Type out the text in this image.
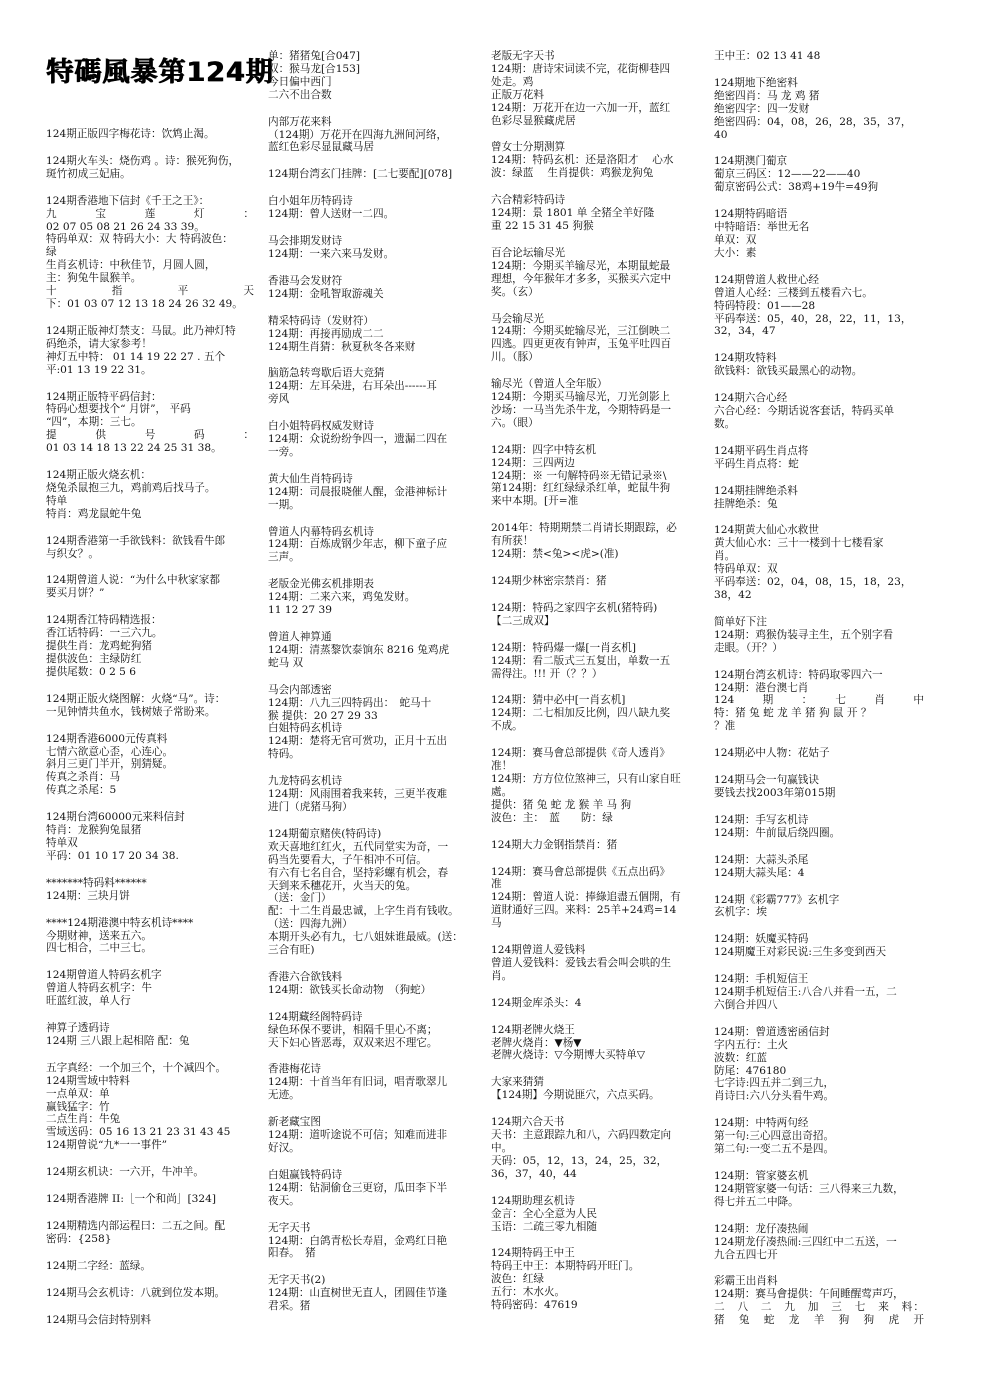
特碼風暴第124期
124期正版四字梅花诗：饮鸩止渴。
124期火车头：烧伤鸡 。诗：猴死狗伤，
斑竹初成三妃庙。
124期香港地下信封《千王之王》：
九　宝　莲　灯　：
02 07 05 08 21 26 24 33 39。
特码单双：双 特码大小：大 特码波色：
绿
生肖玄机诗：中秋佳节，月圆人圆，
主：狗兔牛鼠猴羊。
十　指　平　天
下：01 03 07 12 13 18 24 26 32 49。
124期正版神灯禁支：马鼠。此乃神灯特
码绝杀，请大家参考！
神灯五中特： 01 14 19 22 27 . 五个
平:01 13 19 22 31。
124期正版特平码信封：
特码心想要找个“ 月饼”， 平码
“四”，本期：三七。
提　供　号　码　：
01 03 14 18 13 22 24 25 31 38。
124期正版火烧玄机：
烧兔杀鼠抱三九，鸡前鸡后找马子。
特单
特肖：鸡龙鼠蛇牛兔
124期香港第一手欲钱料：欲钱看牛郎
与织女？。
124期曾道人说：“为什么中秋家家都
要买月饼？”
124期香江特码精选报：
香江话特码：一三六九。
提供生肖：龙鸡蛇狗猪
提供波色：主绿防红
提供尾数：0 2 5 6
124期正版火烧图解：火烧“马”。诗：
一见钟情共鱼水，钱树婊子常盼来。
124期香港6000元传真料
七情六欲意心歪，心连心。
斜月三更门半开，别猜疑。
传真之杀肖：马
传真之杀尾：5
124期台湾60000元来料信封
特肖：龙猴狗兔鼠猪
特单双
平码：01 10 17 20 34 38.
*******特码料******
124期：三块月饼
****124期港澳中特玄机诗****
今期财神，送来五六。
四七相合，二中三七。
124期曾道人特码玄机字
曾道人特码玄机字：牛
旺蓝红波，单人行
神算子透码诗
124期 三八跟上起相陪 配：兔
五字真经：一个加三个，十个减四个。
124期雪域中特料
一点单双：单
赢钱猛字：竹
二点生肖：牛兔
雪域送码：05 16 13 21 23 31 43 45
124期曾说“九*一一事件”
124期玄机诀：一六开，牛冲羊。
124期香港牌 II:［一个和尚］[324]
124期精选内部运程曰：二五之间。配
密码：{258}
124期二字经：蓝绿。
124期马会玄机诗：八就到位发本期。
124期马会信封特别料
单：猪猪兔[合047]
双：猴马龙[合153]
今日偏中西门
二六不出合数
内部万花来料
（124期）万花开在四海九洲间河络，
蓝红色彩尽显鼠藏马居
124期台湾玄门挂牌：[二七要配][078]
白小姐年历特码诗
124期：曾人送财一二四。
马会排期发财诗
124期：一来六来马发财。
香港马会发财符
124期：金吼智取游魂关
精采特码诗（发财符）
124期：再接再励成二二
124期生肖猜：秋夏秋冬各来财
脑筋急转弯歇后语大竞猜
124期：左耳朵进，右耳朵出------耳
旁风
白小姐特码权威发财诗
124期：众说纷纷争四一，遗漏二四在
一旁。
黄大仙生肖特码诗
124期：司晨报晓催人醒，金港神标计
一期。
曾道人内幕特码玄机诗
124期：百炼成钢少年志，柳下童子应
三声。
老版金光佛玄机排期表
124期：二来六来，鸡兔发财。
11 12 27 39
曾道人神算通
124期：清蒸黎饮泰饷东 8216 兔鸡虎
蛇马 双
马会内部透密
124期：八九三四特码出：　蛇马十
猴 提供：20 27 29 33
白姐特码玄机诗
124期：楚将无官可赏功，正月十五出
特码。
九龙特码玄机诗
124期：风雨围着我来转，三更半夜难
进门（虎猪马狗）
124期葡京赌侠(特码诗)
欢天喜地红红火，五代同堂实为奇，一
码当先要看大，子午相冲不可信。
有六有七名自合，坚持彩螺有机会，春
天到来禾穗花开，火当天的兔。
（送：金门）
配：十二生肖最忠诚，上字生肖有钱收。
（送：四海九洲）
本期开头必有九，七八姐妹谁最威。(送：
三合有旺)
香港六合欲钱料
124期：欲钱买长命动物　（狗蛇）
124期藏经阁特码诗
绿色环保不要讲，相隔千里心不离；
天下妇心皆恶毒，双双来迟不理它。
香港梅花诗
124期：十首当年有旧词，唱青歌翠儿
无迹。
新老藏宝图
124期：道听途说不可信；知难而进非
好汉。
白姐赢钱特码诗
124期：钻洞偷仓三更窃，瓜田李下半
夜天。
无字天书
124期：白鸽青松长寿眉，金鸡红日艳
阳春。　猪
无字天书(2)
124期：山直树世无直人，团圆佳节逢
君采。猪
老版无字天书
124期：唐诗宋词读不完，花街柳巷四
处走。鸡
正版万花料
124期：万花开在边一六加一开，蓝红
色彩尽显猴藏虎居
曾女士分期测算
124期：特码玄机：还是洛阳才　 心水
波：绿蓝　 生肖提供：鸡猴龙狗兔
六合精彩特码诗
124期：景 1801 单 全猪全羊好隆
重 22 15 31 45 狗猴
百合论坛输尽光
124期：今期买羊输尽光，本期鼠蛇最
理想，今年猴年才多多，买猴买六定中
奖。（玄）
马会输尽光
124期：今期买蛇输尽光，三江倒映二
四逃。四更更夜有钟声，玉兔平吐四百
川。（豚）
输尽光（曾道人全年版）
124期：今期买马输尽光，刀光剑影上
沙场：一马当先杀牛龙，今期特码是一
六。（眼）
124期：四字中特玄机
124期：三四两边
124期：※ 一句解特码※无错记录※\
第124期：红红绿绿杀红单，蛇鼠牛狗
来中本期。[开=准
2014年：特期期禁二肖请长期跟踪，必
有所获！
124期：禁<兔><虎>(准)
124期少林密宗禁肖：猪
124期：特码之家四字玄机(猪特码)
【二三成双】
124期：特码爆一爆[一肖玄机]
124期：看二版式三五复出，单数一五
需得注。!!! 开（？？）
124期：猜中必中[一肖玄机]
124期：二七相加反比例，四八缺九奖
不成。
124期：赛马會总部提供《奇人透肖》
准！
124期：方方位位煞神三，只有山家自旺
處。
提供：猪 兔 蛇 龙 猴 羊 马 狗
波色：主：　蓝　　防：绿
124期大力金钢指禁肖：猪
124期：赛马會总部提供《五点出码》
准
124期：曾道人说：捧綠追盡五個開，有
道財通好三四。来料：25羊+24鸡=14
马
124期曾道人爱钱料
曾道人爱钱料：爱钱去看会叫会哄的生
肖。
124期金库杀头：4
124期老牌火烧王
老牌火烧肖：▼杨▼
老牌火烧诗：▽今期博大买特单▽
大家来猜猜
【124期】今期说匪穴，六点买码。
124期六合天书
天书：主意跟踪九和八，六码四数定向
中。
天码：05，12，13，24，25，32，
36，37，40，44
124期助理玄机诗
金言：全心全意为人民
玉语：二疏三零九相随
124期特码王中王
特码王中王：本期特码开旺门。
波色：红绿
五行：木水火。
特码密码：47619
王中王：02 13 41 48
124期地下绝密料
绝密四肖：马 龙 鸡 猪
绝密四字：四一发财
绝密四码：04，08，26，28，35，37，
40
124期澳门葡京
葡京三码区：12——22——40
葡京密码公式：38鸡+19牛=49狗
124期特码暗语
中特暗语：举世无名
单双：双
大小：素
124期曾道人救世心经
曾道人心经：三楼到五楼看六七。
特码特段：01——28
平码奉送：05，40，28，22，11，13，
32，34，47
124期攻特料
欲钱料：欲钱买最黑心的动物。
124期六合心经
六合心经：今期话说客套话，特码买单
数。
124期平码生肖点将
平码生肖点将：蛇
124期挂牌绝杀料
挂牌绝杀：兔
124期黄大仙心水救世
黄大仙心水：三十一楼到十七楼看家
肖。
特码单双：双
平码奉送：02，04，08，15，18，23，
38，42
简单好下注
124期：鸡猴伪装寻主生，五个别字看
走眼。（开？）
124期台湾玄机诗：特码取零四六一
124期：港台澳七肖
124　期　：　七　肖　中
特：猪 兔 蛇 龙 羊 猪 狗 鼠 开 ？
？准
124期必中人物：花姑子
124期马会一句赢钱诀
要钱去找2003年第015期
124期：手写玄机诗
124期：牛前鼠后绕四圈。
124期：大蒜头杀尾
124期大蒜头尾：4
124期《彩霸777》玄机字
玄机字：埃
124期：妖魔买特码
124期魔王对彩民说:三生多变到西天
124期：手机短信王
124期手机短信王:八合八并看一五，二
六倒合并四八
124期：曾道透密函信封
字内五行：土火
波数：红蓝
防尾：476180
七字诗:四五并二到三九，
肖诗曰:六八分头看牛鸡。
124期：中特两句经
第一句:三心四意出奇招。
第二句:一变二五不是四。
124期：管家婆玄机
124期管家婆一句话：三八得来三九数，
得七并五二中降。
124期：龙仔凑热闹
124期龙仔凑热闹:三四红中二五送，一
九合五四七开
彩霸王出肖料
124期：赛马會提供：午间睡醒莺声巧，
二　八　二　九　加　三　七　来　料：
猪　兔　蛇　龙　羊　狗　狗　虎　开
